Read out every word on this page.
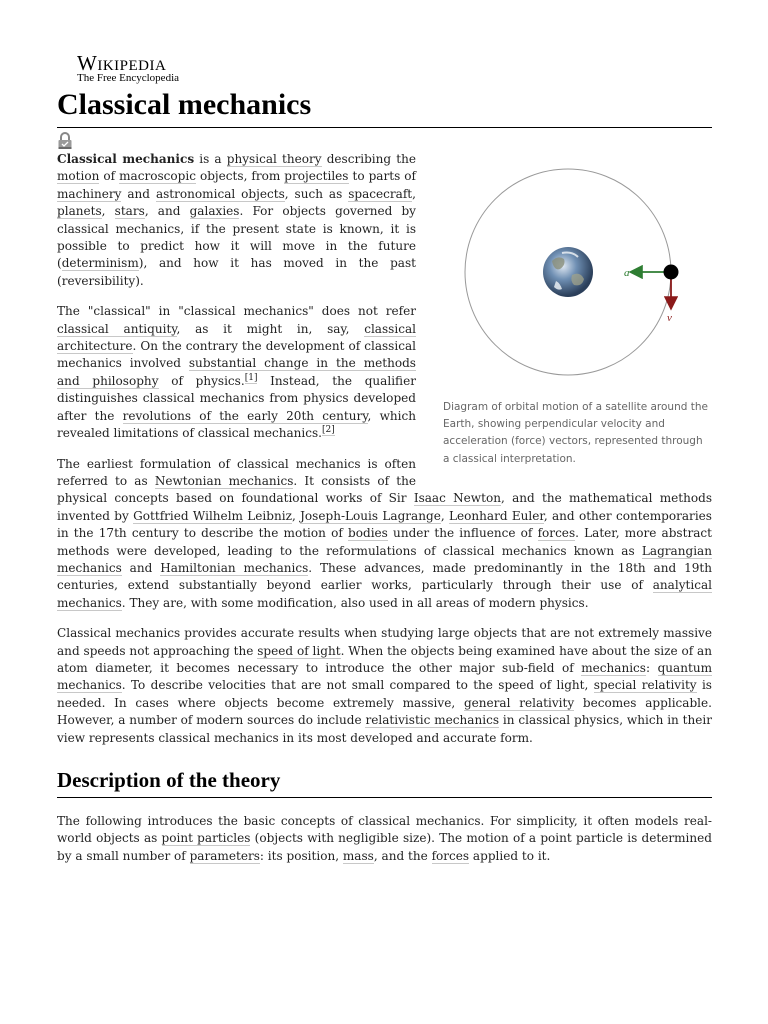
Wikipedia
The Free Encyclopedia
Classical mechanics
a
v
Diagram of orbital motion of a satellite around the Earth, showing perpendicular velocity and acceleration (force) vectors, represented through a classical interpretation.

Classical mechanics is a physical theory describing the motion of macroscopic objects, from projectiles to parts of machinery and astronomical objects, such as spacecraft, planets, stars, and galaxies. For objects governed by classical mechanics, if the present state is known, it is possible to predict how it will move in the future (determinism), and how it has moved in the past (reversibility).

The "classical" in "classical mechanics" does not refer classical antiquity, as it might in, say, classical architecture. On the contrary the development of classical mechanics involved substantial change in the methods and philosophy of physics.[1] Instead, the qualifier distinguishes classical mechanics from physics developed after the revolutions of the early 20th century, which revealed limitations of classical mechanics.[2]

The earliest formulation of classical mechanics is often referred to as Newtonian mechanics. It consists of the physical concepts based on foundational works of Sir Isaac Newton, and the mathematical methods invented by Gottfried Wilhelm Leibniz, Joseph-Louis Lagrange, Leonhard Euler, and other contemporaries in the 17th century to describe the motion of bodies under the influence of forces. Later, more abstract methods were developed, leading to the reformulations of classical mechanics known as Lagrangian mechanics and Hamiltonian mechanics. These advances, made predominantly in the 18th and 19th centuries, extend substantially beyond earlier works, particularly through their use of analytical mechanics. They are, with some modification, also used in all areas of modern physics.

Classical mechanics provides accurate results when studying large objects that are not extremely massive and speeds not approaching the speed of light. When the objects being examined have about the size of an atom diameter, it becomes necessary to introduce the other major sub-field of mechanics: quantum mechanics. To describe velocities that are not small compared to the speed of light, special relativity is needed. In cases where objects become extremely massive, general relativity becomes applicable. However, a number of modern sources do include relativistic mechanics in classical physics, which in their view represents classical mechanics in its most developed and accurate form.

Description of the theory

The following introduces the basic concepts of classical mechanics. For simplicity, it often models real-world objects as point particles (objects with negligible size). The motion of a point particle is determined by a small number of parameters: its position, mass, and the forces applied to it.
